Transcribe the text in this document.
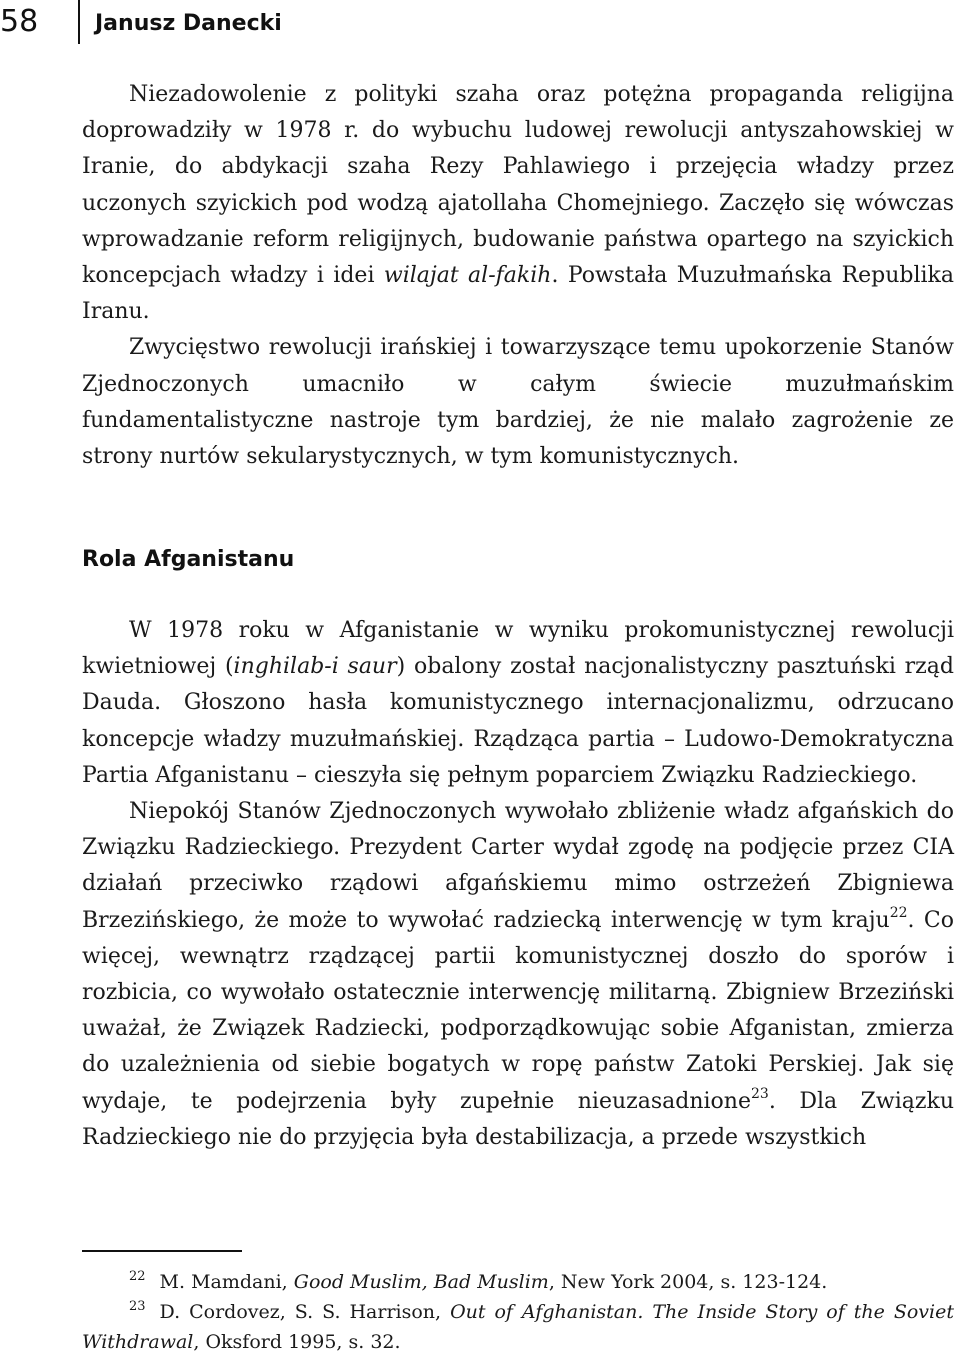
58	Janusz Danecki

Niezadowolenie z polityki szaha oraz potężna propaganda religijna doprowadziły w 1978 r. do wybuchu ludowej rewolucji antyszahowskiej w Iranie, do abdykacji szaha Rezy Pahlawiego i przejęcia władzy przez uczonych szyickich pod wodzą ajatollaha Chomejniego. Zaczęło się wówczas wprowadzanie reform religijnych, budowanie państwa opartego na szyickich koncepcjach władzy i idei wilajat al-fakih. Powstała Muzułmańska Republika Iranu.

Zwycięstwo rewolucji irańskiej i towarzyszące temu upokorzenie Stanów Zjednoczonych umacniło w całym świecie muzułmańskim fundamentalistyczne nastroje tym bardziej, że nie malało zagrożenie ze strony nurtów sekularystycznych, w tym komunistycznych.

Rola Afganistanu

W 1978 roku w Afganistanie w wyniku prokomunistycznej rewolucji kwietniowej (inghilab-i saur) obalony został nacjonalistyczny pasztuński rząd Dauda. Głoszono hasła komunistycznego internacjonalizmu, odrzucano koncepcje władzy muzułmańskiej. Rządząca partia – Ludowo-Demokratyczna Partia Afganistanu – cieszyła się pełnym poparciem Związku Radzieckiego.

Niepokój Stanów Zjednoczonych wywołało zbliżenie władz afgańskich do Związku Radzieckiego. Prezydent Carter wydał zgodę na podjęcie przez CIA działań przeciwko rządowi afgańskiemu mimo ostrzeżeń Zbigniewa Brzezińskiego, że może to wywołać radziecką interwencję w tym kraju$^{22}$. Co więcej, wewnątrz rządzącej partii komunistycznej doszło do sporów i rozbicia, co wywołało ostatecznie interwencję militarną. Zbigniew Brzeziński uważał, że Związek Radziecki, podporządkowując sobie Afganistan, zmierza do uzależnienia od siebie bogatych w ropę państw Zatoki Perskiej. Jak się wydaje, te podejrzenia były zupełnie nieuzasadnione$^{23}$. Dla Związku Radzieckiego nie do przyjęcia była destabilizacja, a przede wszystkich

$^{22}$ M. Mamdani, Good Muslim, Bad Muslim, New York 2004, s. 123-124.

$^{23}$ D. Cordovez, S. S. Harrison, Out of Afghanistan. The Inside Story of the Soviet Withdrawal, Oksford 1995, s. 32.
